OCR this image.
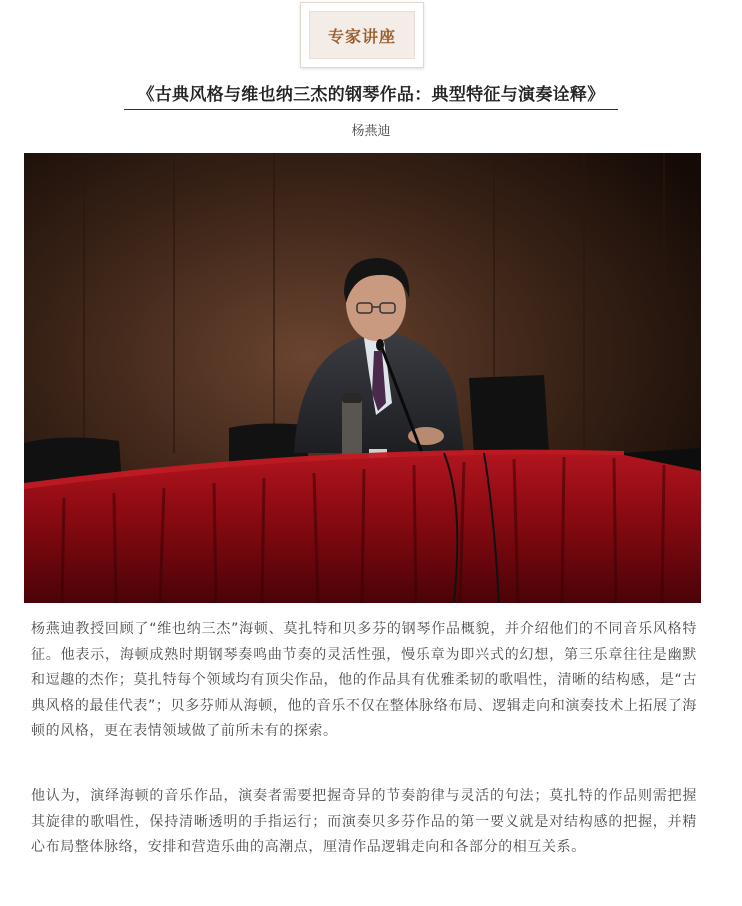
专家讲座
《古典风格与维也纳三杰的钢琴作品：典型特征与演奏诠释》
杨燕迪
杨燕迪教授回顾了“维也纳三杰”海顿、莫扎特和贝多芬的钢琴作品概貌，并介绍他们的不同音乐风格特征。他表示，海顿成熟时期钢琴奏鸣曲节奏的灵活性强，慢乐章为即兴式的幻想，第三乐章往往是幽默和逗趣的杰作；莫扎特每个领域均有顶尖作品，他的作品具有优雅柔韧的歌唱性，清晰的结构感，是“古典风格的最佳代表”；贝多芬师从海顿，他的音乐不仅在整体脉络布局、逻辑走向和演奏技术上拓展了海顿的风格，更在表情领域做了前所未有的探索。
他认为，演绎海顿的音乐作品，演奏者需要把握奇异的节奏韵律与灵活的句法；莫扎特的作品则需把握其旋律的歌唱性，保持清晰透明的手指运行；而演奏贝多芬作品的第一要义就是对结构感的把握，并精心布局整体脉络，安排和营造乐曲的高潮点，厘清作品逻辑走向和各部分的相互关系。
